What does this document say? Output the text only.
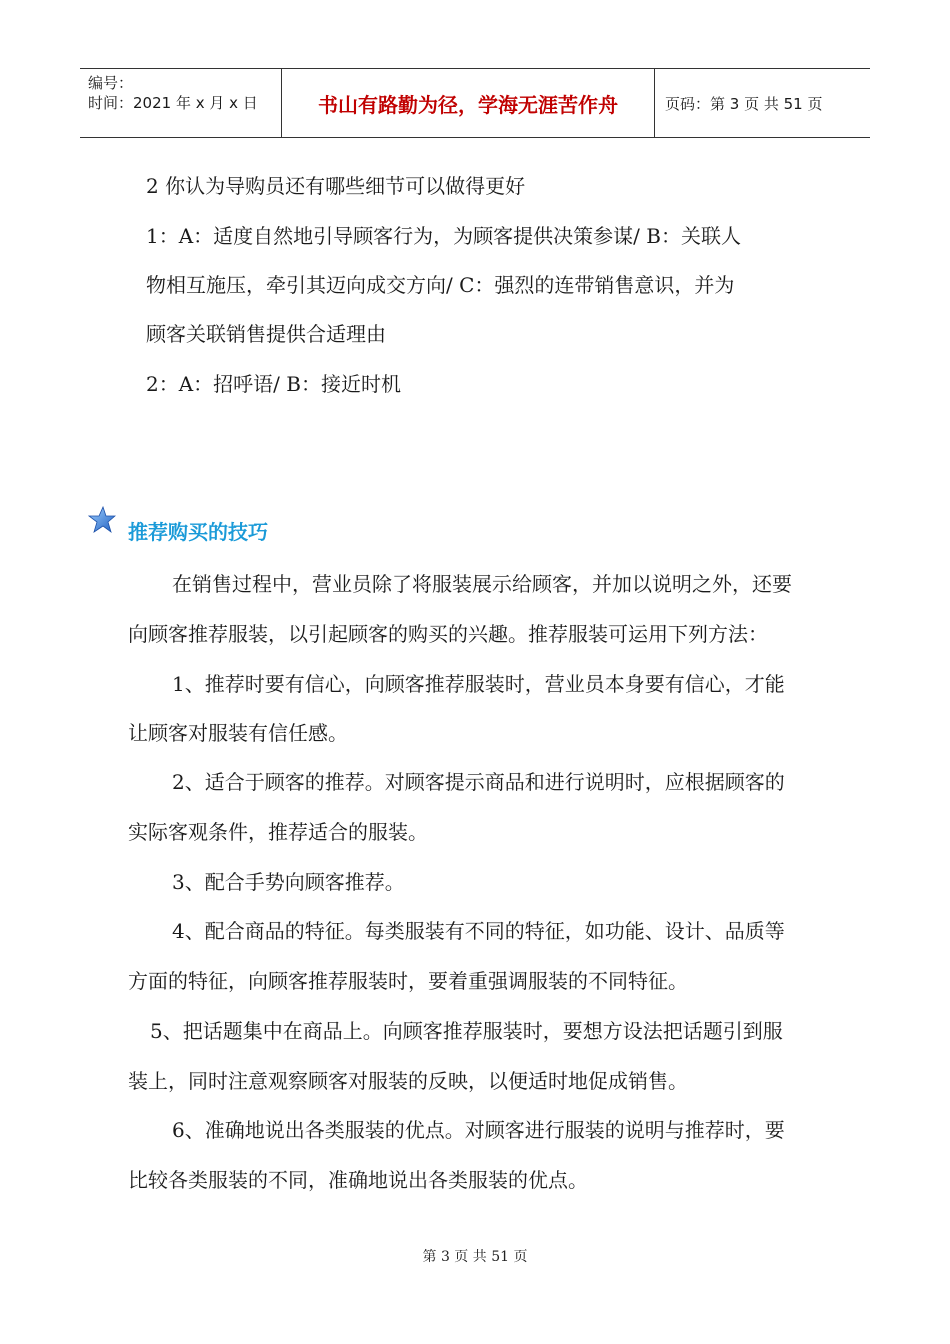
编号：
时间：2021 年 x 月 x 日	书山有路勤为径，学海无涯苦作舟	页码：第 3 页 共 51 页
2 你认为导购员还有哪些细节可以做得更好
1：A：适度自然地引导顾客行为，为顾客提供决策参谋/ B：关联人
物相互施压，牵引其迈向成交方向/ C：强烈的连带销售意识，并为
顾客关联销售提供合适理由
2：A：招呼语/ B：接近时机
推荐购买的技巧
在销售过程中，营业员除了将服装展示给顾客，并加以说明之外，还要
向顾客推荐服装，以引起顾客的购买的兴趣。推荐服装可运用下列方法：
1、推荐时要有信心，向顾客推荐服装时，营业员本身要有信心，才能
让顾客对服装有信任感。
2、适合于顾客的推荐。对顾客提示商品和进行说明时，应根据顾客的
实际客观条件，推荐适合的服装。
3、配合手势向顾客推荐。
4、配合商品的特征。每类服装有不同的特征，如功能、设计、品质等
方面的特征，向顾客推荐服装时，要着重强调服装的不同特征。
5、把话题集中在商品上。向顾客推荐服装时，要想方设法把话题引到服
装上，同时注意观察顾客对服装的反映，以便适时地促成销售。
6、准确地说出各类服装的优点。对顾客进行服装的说明与推荐时，要
比较各类服装的不同，准确地说出各类服装的优点。
第 3 页 共 51 页
